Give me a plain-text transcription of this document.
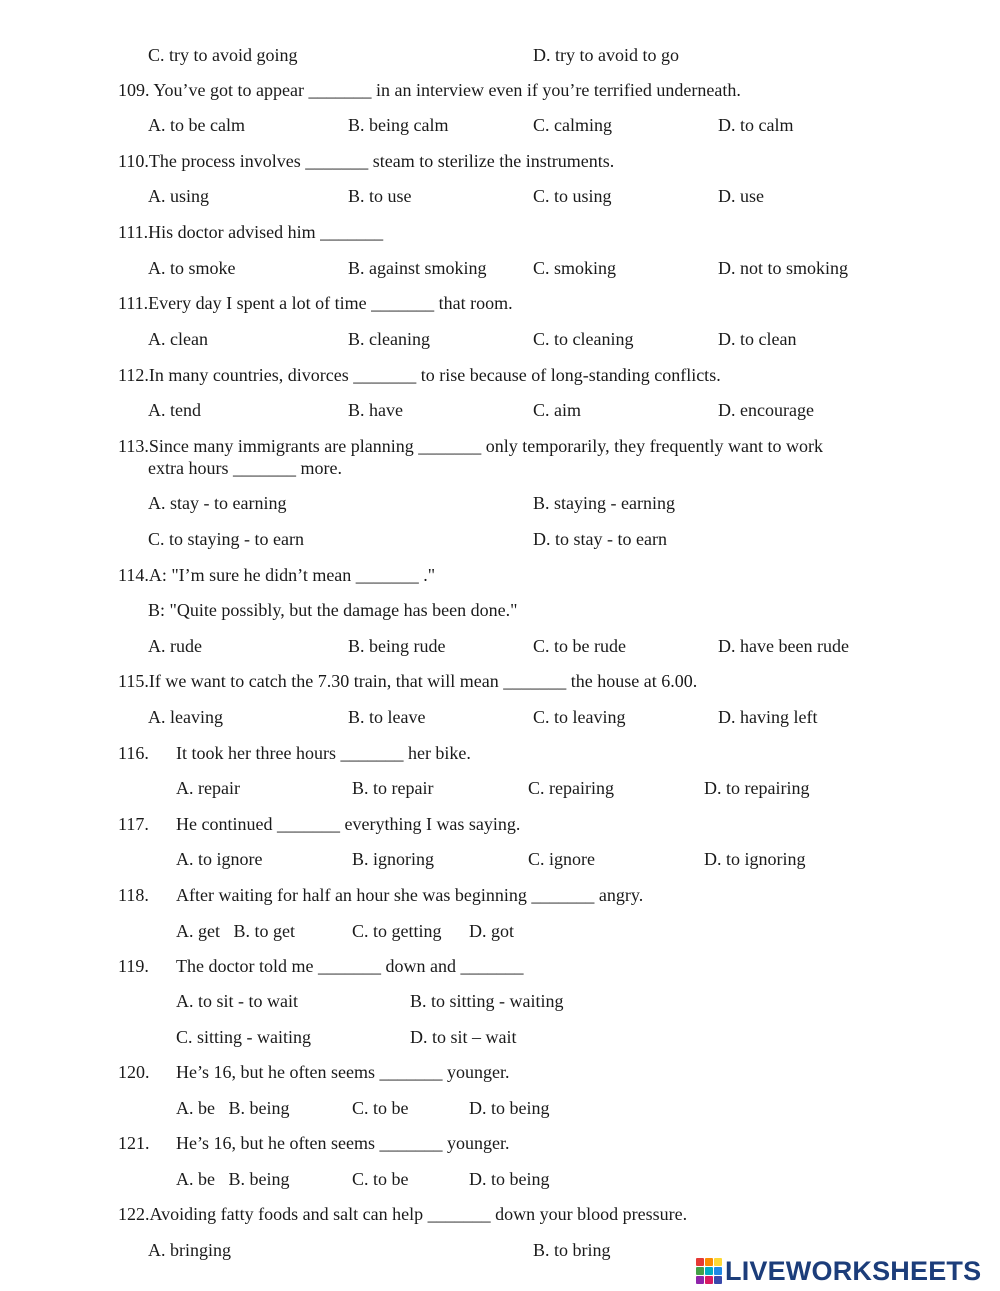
C. try to avoid going	D. try to avoid to go
109. You’ve got to appear _______ in an interview even if you’re terrified underneath.
A. to be calm	B. being calm	C. calming	D. to calm
110.The process involves _______ steam to sterilize the instruments.
A. using	B. to use	C. to using	D. use
111.His doctor advised him _______
A. to smoke	B. against smoking	C. smoking	D. not to smoking
111.Every day I spent a lot of time _______ that room.
A. clean	B. cleaning	C. to cleaning	D. to clean
112.In many countries, divorces _______ to rise because of long-standing conflicts.
A. tend	B. have	C. aim	D. encourage
113.Since many immigrants are planning _______ only temporarily, they frequently want to work
extra hours _______ more.
A. stay - to earning	B. staying - earning
C. to staying - to earn	D. to stay - to earn
114.A: "I’m sure he didn’t mean _______ ."
B: "Quite possibly, but the damage has been done."
A. rude	B. being rude	C. to be rude	D. have been rude
115.If we want to catch the 7.30 train, that will mean _______ the house at 6.00.
A. leaving	B. to leave	C. to leaving	D. having left
116. It took her three hours _______ her bike.
A. repair	B. to repair	C. repairing	D. to repairing
117. He continued _______ everything I was saying.
A. to ignore	B. ignoring	C. ignore	D. to ignoring
118. After waiting for half an hour she was beginning _______ angry.
A. get   B. to get	C. to getting D. got
119. The doctor told me _______ down and _______
A. to sit - to wait	B. to sitting - waiting
C. sitting - waiting	D. to sit – wait
120. He’s 16, but he often seems _______ younger.
A. be   B. being	C. to be	D. to being
121. He’s 16, but he often seems _______ younger.
A. be   B. being	C. to be	D. to being
122.Avoiding fatty foods and salt can help _______ down your blood pressure.
A. bringing	B. to bring
LIVEWORKSHEETS
